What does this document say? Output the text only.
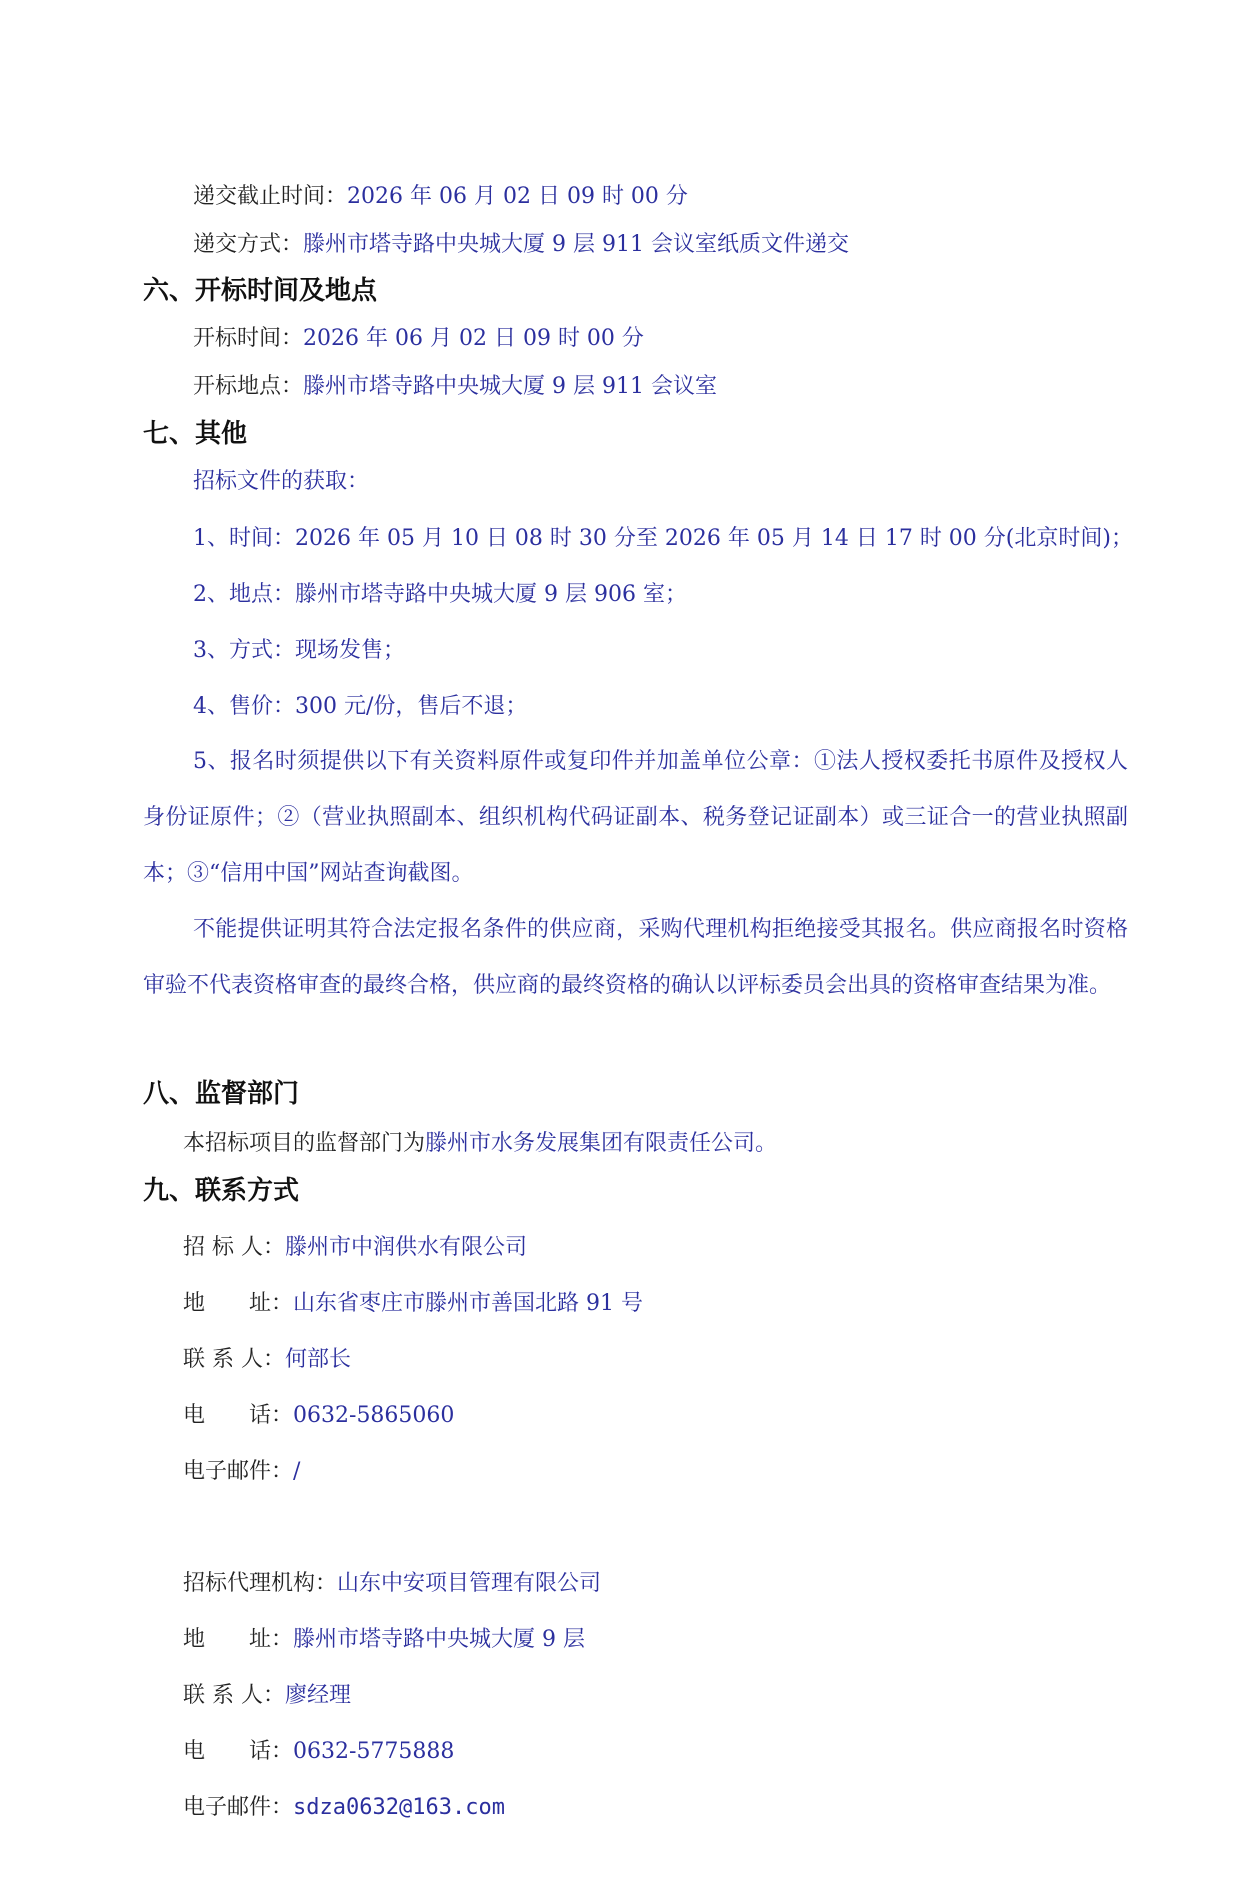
递交截止时间：2026 年 06 月 02 日 09 时 00 分
递交方式：滕州市塔寺路中央城大厦 9 层 911 会议室纸质文件递交
六、开标时间及地点
开标时间：2026 年 06 月 02 日 09 时 00 分
开标地点：滕州市塔寺路中央城大厦 9 层 911 会议室
七、其他
招标文件的获取：
1、时间：2026 年 05 月 10 日 08 时 30 分至 2026 年 05 月 14 日 17 时 00 分(北京时间)；
2、地点：滕州市塔寺路中央城大厦 9 层 906 室；
3、方式：现场发售；
4、售价：300 元/份，售后不退；
5、报名时须提供以下有关资料原件或复印件并加盖单位公章：①法人授权委托书原件及授权人身份证原件；②（营业执照副本、组织机构代码证副本、税务登记证副本）或三证合一的营业执照副本；③“信用中国”网站查询截图。
不能提供证明其符合法定报名条件的供应商，采购代理机构拒绝接受其报名。供应商报名时资格审验不代表资格审查的最终合格，供应商的最终资格的确认以评标委员会出具的资格审查结果为准。
八、监督部门
本招标项目的监督部门为滕州市水务发展集团有限责任公司。
九、联系方式
招 标 人：滕州市中润供水有限公司
地　　址：山东省枣庄市滕州市善国北路 91 号
联 系 人：何部长
电　　话：0632-5865060
电子邮件：/
招标代理机构：山东中安项目管理有限公司
地　　址：滕州市塔寺路中央城大厦 9 层
联 系 人：廖经理
电　　话：0632-5775888
电子邮件：sdza0632@163.com
